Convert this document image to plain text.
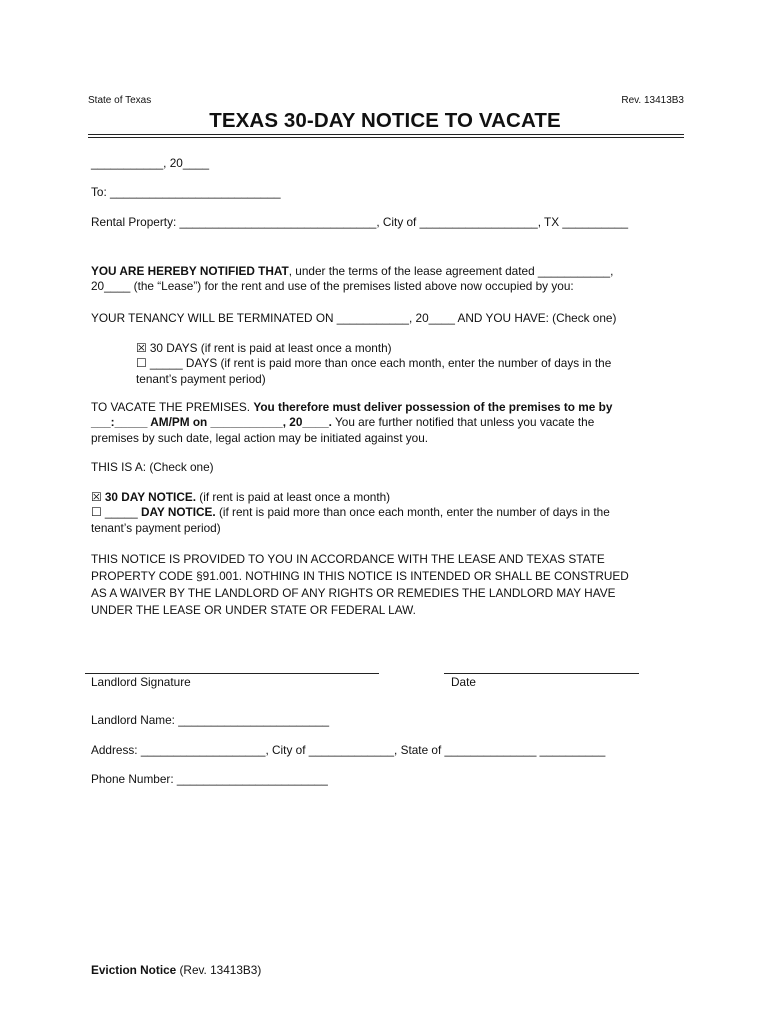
State of Texas	Rev. 13413B3
TEXAS 30-DAY NOTICE TO VACATE
___________, 20____
To: __________________________
Rental Property: ______________________________, City of __________________, TX __________

YOU ARE HEREBY NOTIFIED THAT, under the terms of the lease agreement dated ___________,

20____ (the “Lease”) for the rent and use of the premises listed above now occupied by you:

YOUR TENANCY WILL BE TERMINATED ON ___________, 20____ AND YOU HAVE: (Check one)

☒ 30 DAYS (if rent is paid at least once a month)

☐ _____ DAYS (if rent is paid more than once each month, enter the number of days in the

tenant’s payment period)

TO VACATE THE PREMISES. You therefore must deliver possession of the premises to me by

___:_____ AM/PM on ___________, 20____. You are further notified that unless you vacate the

premises by such date, legal action may be initiated against you.

THIS IS A: (Check one)

☒ 30 DAY NOTICE. (if rent is paid at least once a month)

☐ _____ DAY NOTICE. (if rent is paid more than once each month, enter the number of days in the

tenant’s payment period)

THIS NOTICE IS PROVIDED TO YOU IN ACCORDANCE WITH THE LEASE AND TEXAS STATE

PROPERTY CODE §91.001. NOTHING IN THIS NOTICE IS INTENDED OR SHALL BE CONSTRUED

AS A WAIVER BY THE LANDLORD OF ANY RIGHTS OR REMEDIES THE LANDLORD MAY HAVE

UNDER THE LEASE OR UNDER STATE OR FEDERAL LAW.

Landlord Signature	Date
Landlord Name: _______________________
Address: ___________________, City of _____________, State of ______________ __________
Phone Number: _______________________
Eviction Notice (Rev. 13413B3)
